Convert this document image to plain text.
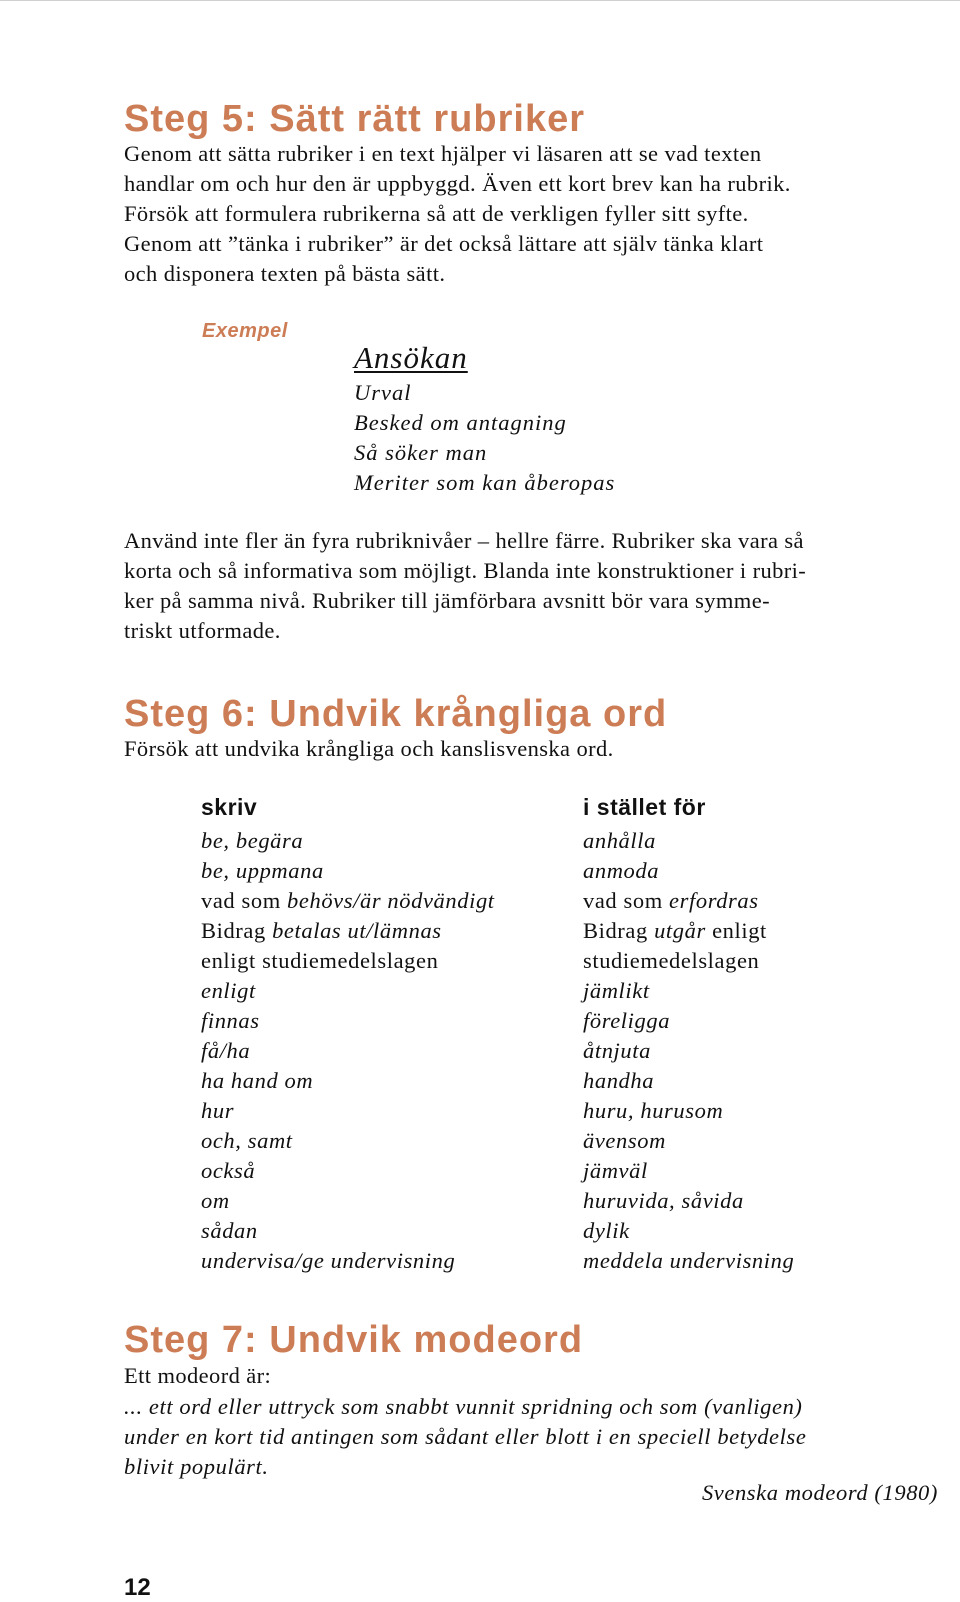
Steg 5: Sätt rätt rubriker
Genom att sätta rubriker i en text hjälper vi läsaren att se vad texten
handlar om och hur den är uppbyggd. Även ett kort brev kan ha rubrik.
Försök att formulera rubrikerna så att de verkligen fyller sitt syfte.
Genom att ”tänka i rubriker” är det också lättare att själv tänka klart
och disponera texten på bästa sätt.
Exempel
Ansökan
Urval
Besked om antagning
Så söker man
Meriter som kan åberopas
Använd inte fler än fyra rubriknivåer – hellre färre. Rubriker ska vara så
korta och så informativa som möjligt. Blanda inte konstruktioner i rubri-
ker på samma nivå. Rubriker till jämförbara avsnitt bör vara symme-
triskt utformade.
Steg 6: Undvik krångliga ord
Försök att undvika krångliga och kanslisvenska ord.
skriv	i stället för
be, begära
be, uppmana
vad som behövs/är nödvändigt
Bidrag betalas ut/lämnas
enligt studiemedelslagen
enligt
finnas
få/ha
ha hand om
hur
och, samt
också
om
sådan
undervisa/ge undervisning
anhålla
anmoda
vad som erfordras
Bidrag utgår enligt
studiemedelslagen
jämlikt
föreligga
åtnjuta
handha
huru, hurusom
ävensom
jämväl
huruvida, såvida
dylik
meddela undervisning
Steg 7: Undvik modeord
Ett modeord är:
... ett ord eller uttryck som snabbt vunnit spridning och som (vanligen)
under en kort tid antingen som sådant eller blott i en speciell betydelse
blivit populärt.
Svenska modeord (1980)
12
